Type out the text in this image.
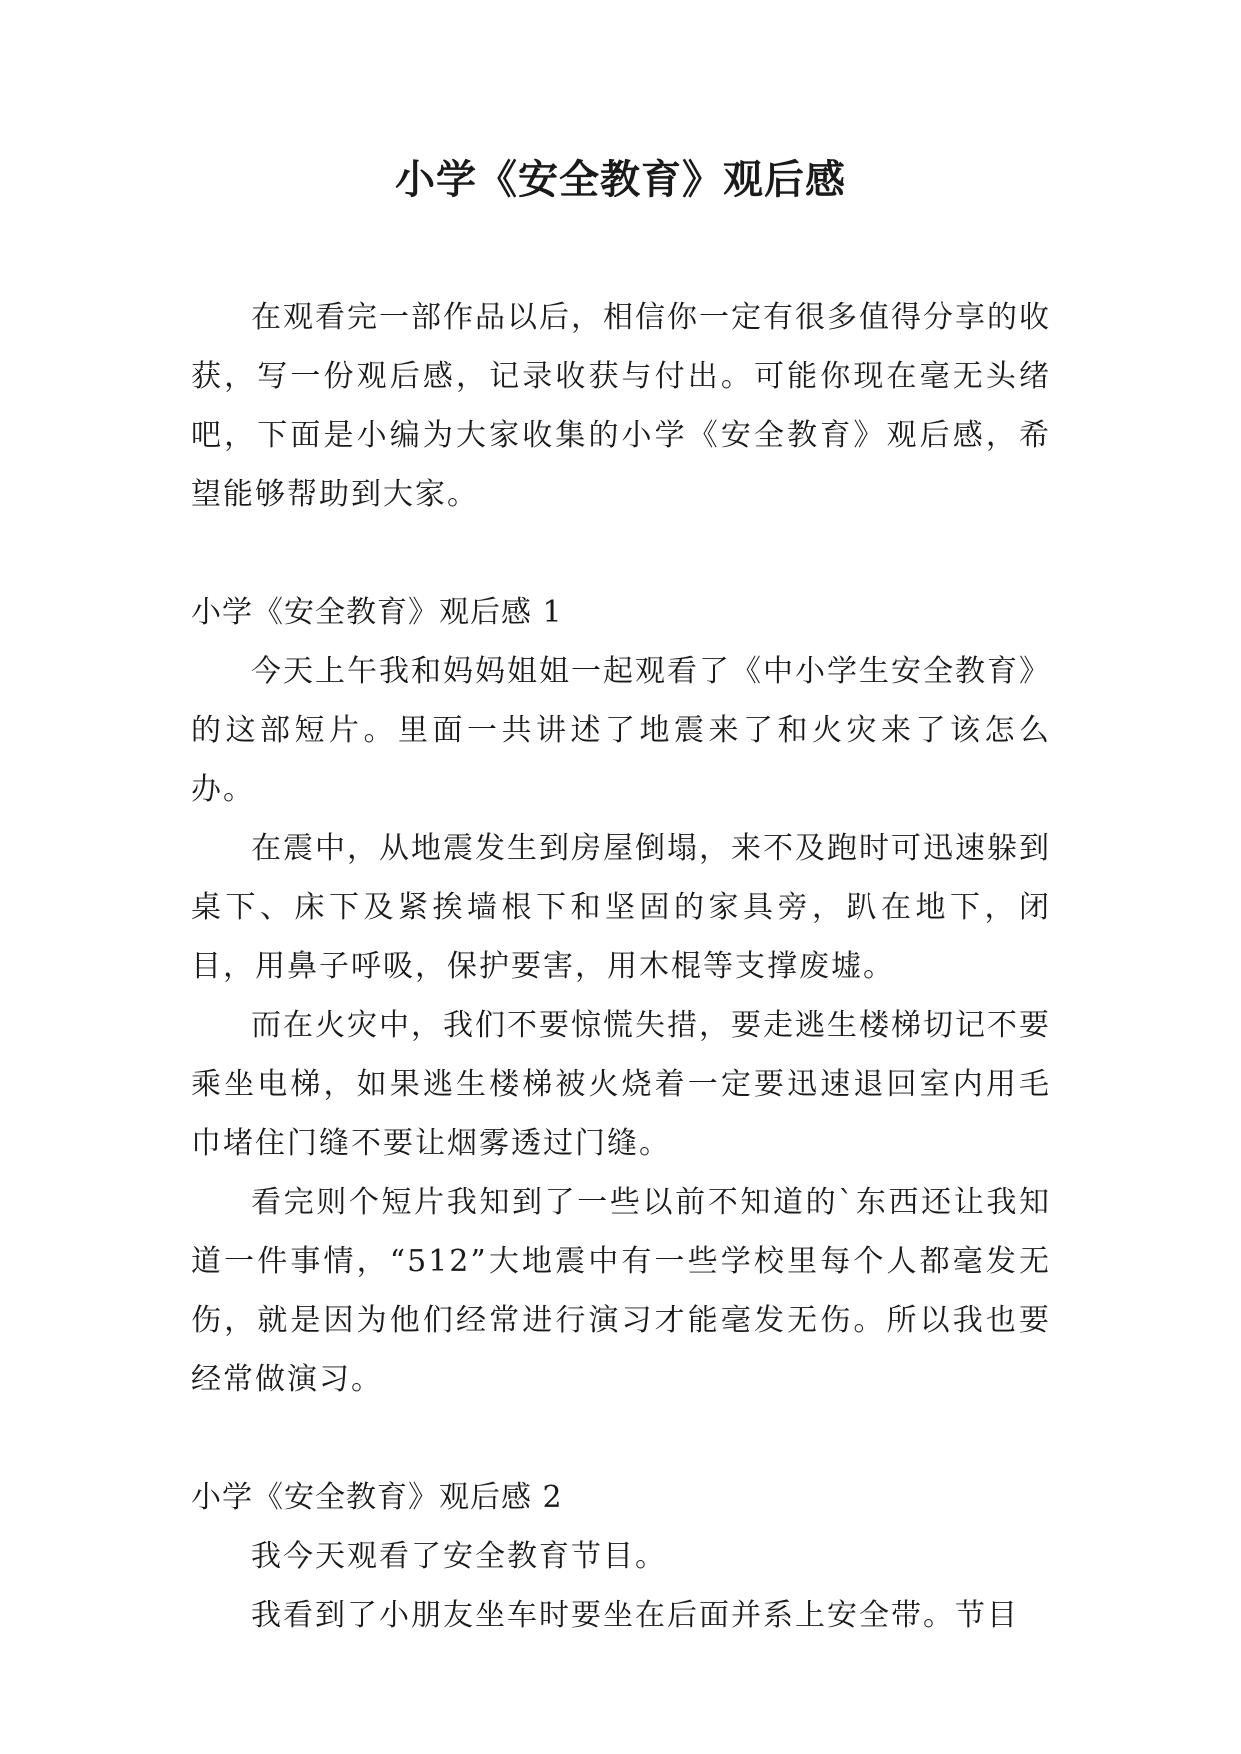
小学《安全教育》观后感

在观看完一部作品以后，相信你一定有很多值得分享的收获，写一份观后感，记录收获与付出。可能你现在毫无头绪吧，下面是小编为大家收集的小学《安全教育》观后感，希望能够帮助到大家。

小学《安全教育》观后感 1

今天上午我和妈妈姐姐一起观看了《中小学生安全教育》的这部短片。里面一共讲述了地震来了和火灾来了该怎么办。

在震中，从地震发生到房屋倒塌，来不及跑时可迅速躲到桌下、床下及紧挨墙根下和坚固的家具旁，趴在地下，闭目，用鼻子呼吸，保护要害，用木棍等支撑废墟。

而在火灾中，我们不要惊慌失措，要走逃生楼梯切记不要乘坐电梯，如果逃生楼梯被火烧着一定要迅速退回室内用毛巾堵住门缝不要让烟雾透过门缝。

看完则个短片我知到了一些以前不知道的`东西还让我知道一件事情，“512”大地震中有一些学校里每个人都毫发无伤，就是因为他们经常进行演习才能毫发无伤。所以我也要经常做演习。

小学《安全教育》观后感 2

我今天观看了安全教育节目。

我看到了小朋友坐车时要坐在后面并系上安全带。节目
